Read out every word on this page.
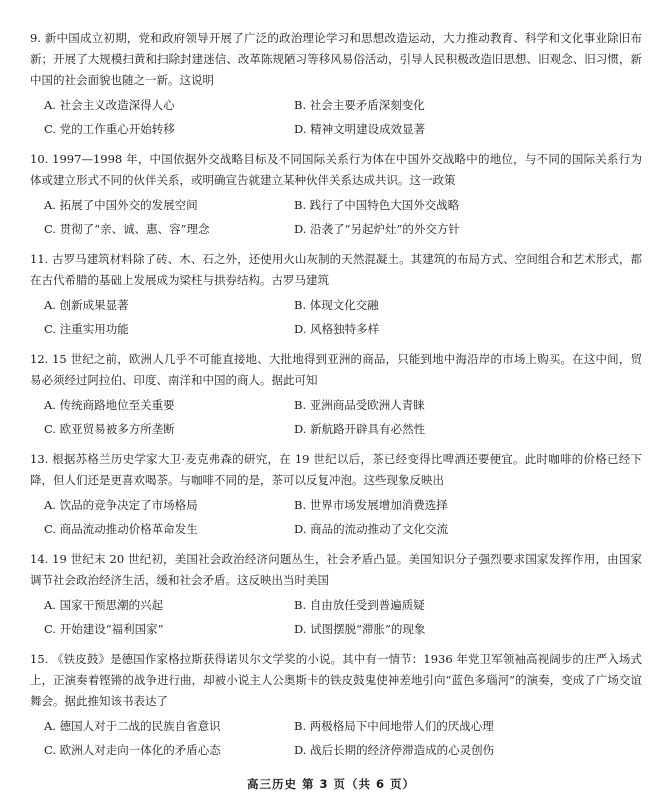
9. 新中国成立初期，党和政府领导开展了广泛的政治理论学习和思想改造运动，大力推动教育、科学和文化事业除旧布新；开展了大规模扫黄和扫除封建迷信、改革陈规陋习等移风易俗活动，引导人民积极改造旧思想、旧观念、旧习惯，新中国的社会面貌也随之一新。这说明

A. 社会主义改造深得人心	B. 社会主要矛盾深刻变化
C. 党的工作重心开始转移	D. 精神文明建设成效显著

10. 1997—1998 年，中国依据外交战略目标及不同国际关系行为体在中国外交战略中的地位，与不同的国际关系行为体或建立形式不同的伙伴关系，或明确宣告就建立某种伙伴关系达成共识。这一政策

A. 拓展了中国外交的发展空间	B. 践行了中国特色大国外交战略
C. 贯彻了“亲、诚、惠、容”理念	D. 沿袭了“另起炉灶”的外交方针

11. 古罗马建筑材料除了砖、木、石之外，还使用火山灰制的天然混凝土。其建筑的布局方式、空间组合和艺术形式，都在古代希腊的基础上发展成为梁柱与拱券结构。古罗马建筑

A. 创新成果显著	B. 体现文化交融
C. 注重实用功能	D. 风格独特多样

12. 15 世纪之前，欧洲人几乎不可能直接地、大批地得到亚洲的商品，只能到地中海沿岸的市场上购买。在这中间，贸易必须经过阿拉伯、印度、南洋和中国的商人。据此可知

A. 传统商路地位至关重要	B. 亚洲商品受欧洲人青睐
C. 欧亚贸易被多方所垄断	D. 新航路开辟具有必然性

13. 根据苏格兰历史学家大卫·麦克弗森的研究，在 19 世纪以后，茶已经变得比啤酒还要便宜。此时咖啡的价格已经下降，但人们还是更喜欢喝茶。与咖啡不同的是，茶可以反复冲泡。这些现象反映出

A. 饮品的竞争决定了市场格局	B. 世界市场发展增加消费选择
C. 商品流动推动价格革命发生	D. 商品的流动推动了文化交流

14. 19 世纪末 20 世纪初，美国社会政治经济问题丛生，社会矛盾凸显。美国知识分子强烈要求国家发挥作用，由国家调节社会政治经济生活，缓和社会矛盾。这反映出当时美国

A. 国家干预思潮的兴起	B. 自由放任受到普遍质疑
C. 开始建设“福利国家”	D. 试图摆脱“滞胀”的现象

15. 《铁皮鼓》是德国作家格拉斯获得诺贝尔文学奖的小说。其中有一情节：1936 年党卫军领袖高视阔步的庄严入场式上，正演奏着铿锵的战争进行曲，却被小说主人公奥斯卡的铁皮鼓鬼使神差地引向“蓝色多瑙河”的演奏，变成了广场交谊舞会。据此推知该书表达了

A. 德国人对于二战的民族自省意识	B. 两极格局下中间地带人们的厌战心理
C. 欧洲人对走向一体化的矛盾心态	D. 战后长期的经济停滞造成的心灵创伤
高三历史 第 3 页（共 6 页）
